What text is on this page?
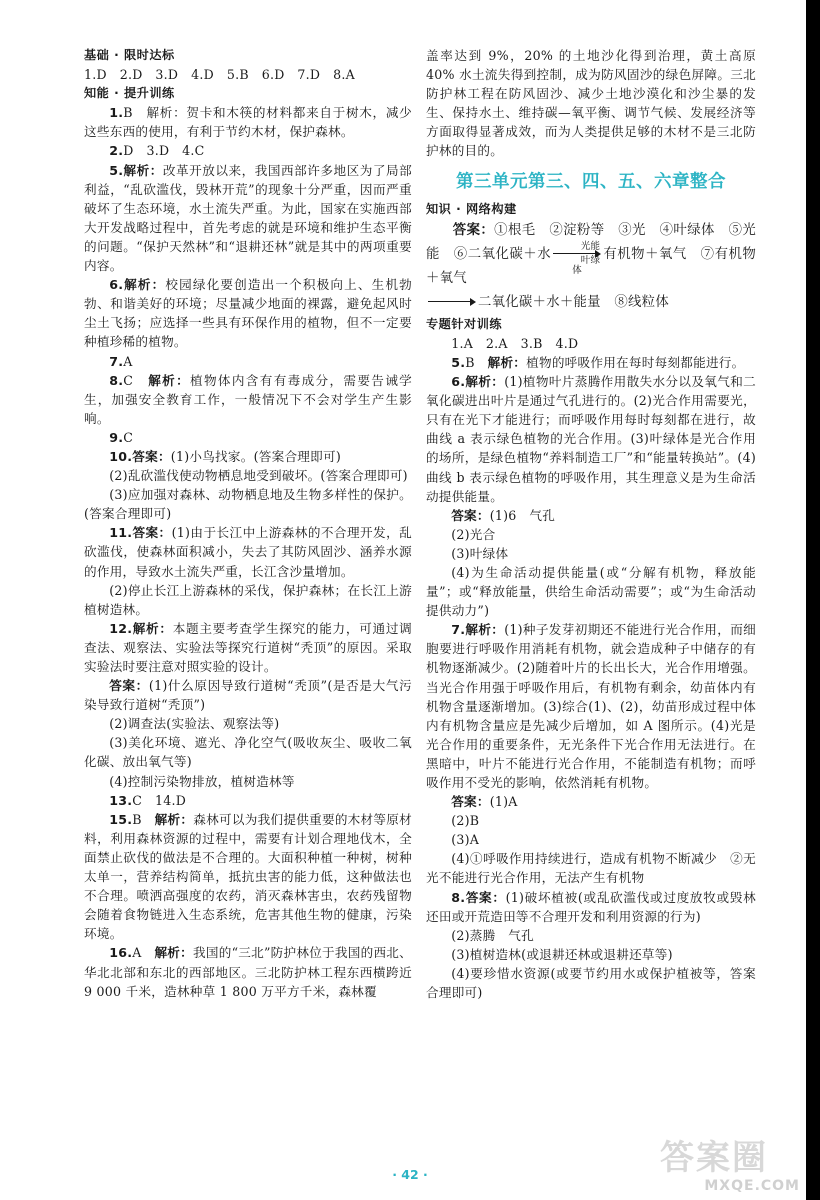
基础 · 限时达标

1.D　2.D　3.D　4.D　5.B　6.D　7.D　8.A

知能 · 提升训练

1.B　解析：贺卡和木筷的材料都来自于树木，减少这些东西的使用，有利于节约木材，保护森林。

2.D　3.D　4.C

5.解析：改革开放以来，我国西部许多地区为了局部利益，“乱砍滥伐，毁林开荒”的现象十分严重，因而严重破坏了生态环境，水土流失严重。为此，国家在实施西部大开发战略过程中，首先考虑的就是环境和维护生态平衡的问题。“保护天然林”和“退耕还林”就是其中的两项重要内容。

6.解析：校园绿化要创造出一个积极向上、生机勃勃、和谐美好的环境；尽量减少地面的裸露，避免起风时尘土飞扬；应选择一些具有环保作用的植物，但不一定要种植珍稀的植物。

7.A

8.C　解析：植物体内含有有毒成分，需要告诫学生，加强安全教育工作，一般情况下不会对学生产生影响。

9.C

10.答案：(1)小鸟找家。(答案合理即可)

(2)乱砍滥伐使动物栖息地受到破坏。(答案合理即可)

(3)应加强对森林、动物栖息地及生物多样性的保护。(答案合理即可)

11.答案：(1)由于长江中上游森林的不合理开发，乱砍滥伐，使森林面积减小，失去了其防风固沙、涵养水源的作用，导致水土流失严重，长江含沙量增加。

(2)停止长江上游森林的采伐，保护森林；在长江上游植树造林。

12.解析：本题主要考查学生探究的能力，可通过调查法、观察法、实验法等探究行道树“秃顶”的原因。采取实验法时要注意对照实验的设计。

答案：(1)什么原因导致行道树“秃顶”(是否是大气污染导致行道树“秃顶”)

(2)调查法(实验法、观察法等)

(3)美化环境、遮光、净化空气(吸收灰尘、吸收二氧化碳、放出氧气等)

(4)控制污染物排放，植树造林等

13.C　14.D

15.B　解析：森林可以为我们提供重要的木材等原材料，利用森林资源的过程中，需要有计划合理地伐木，全面禁止砍伐的做法是不合理的。大面积种植一种树，树种太单一，营养结构简单，抵抗虫害的能力低，这种做法也不合理。喷洒高强度的农药，消灭森林害虫，农药残留物会随着食物链进入生态系统，危害其他生物的健康，污染环境。

16.A　解析：我国的“三北”防护林位于我国的西北、华北北部和东北的西部地区。三北防护林工程东西横跨近 9 000 千米，造林种草 1 800 万平方千米，森林覆

盖率达到 9%，20% 的土地沙化得到治理，黄土高原 40% 水土流失得到控制，成为防风固沙的绿色屏障。三北防护林工程在防风固沙、减少土地沙漠化和沙尘暴的发生、保持水土、维持碳—氧平衡、调节气候、发展经济等方面取得显著成效，而为人类提供足够的木材不是三北防护林的目的。

第三单元第三、四、五、六章整合

知识 · 网络构建

答案：①根毛　②淀粉等　③光　④叶绿体　⑤光能　⑥二氧化碳＋水	光能
叶绿体
有机物＋氧气　⑦有机物＋氧气

二氧化碳＋水＋能量　⑧线粒体

专题针对训练

1.A　2.A　3.B　4.D

5.B　解析：植物的呼吸作用在每时每刻都能进行。

6.解析：(1)植物叶片蒸腾作用散失水分以及氧气和二氧化碳进出叶片是通过气孔进行的。(2)光合作用需要光，只有在光下才能进行；而呼吸作用每时每刻都在进行，故曲线 a 表示绿色植物的光合作用。(3)叶绿体是光合作用的场所，是绿色植物“养料制造工厂”和“能量转换站”。(4)曲线 b 表示绿色植物的呼吸作用，其生理意义是为生命活动提供能量。

答案：(1)6　气孔

(2)光合

(3)叶绿体

(4)为生命活动提供能量(或“分解有机物，释放能量”；或“释放能量，供给生命活动需要”；或“为生命活动提供动力”)

7.解析：(1)种子发芽初期还不能进行光合作用，而细胞要进行呼吸作用消耗有机物，就会造成种子中储存的有机物逐渐减少。(2)随着叶片的长出长大，光合作用增强。当光合作用强于呼吸作用后，有机物有剩余，幼苗体内有机物含量逐渐增加。(3)综合(1)、(2)，幼苗形成过程中体内有机物含量应是先减少后增加，如 A 图所示。(4)光是光合作用的重要条件，无光条件下光合作用无法进行。在黑暗中，叶片不能进行光合作用，不能制造有机物；而呼吸作用不受光的影响，依然消耗有机物。

答案：(1)A

(2)B

(3)A

(4)①呼吸作用持续进行，造成有机物不断减少　②无光不能进行光合作用，无法产生有机物

8.答案：(1)破坏植被(或乱砍滥伐或过度放牧或毁林还田或开荒造田等不合理开发和利用资源的行为)

(2)蒸腾　气孔

(3)植树造林(或退耕还林或退耕还草等)

(4)要珍惜水资源(或要节约用水或保护植被等，答案合理即可)

· 42 ·	答案圈
MXQE.COM
